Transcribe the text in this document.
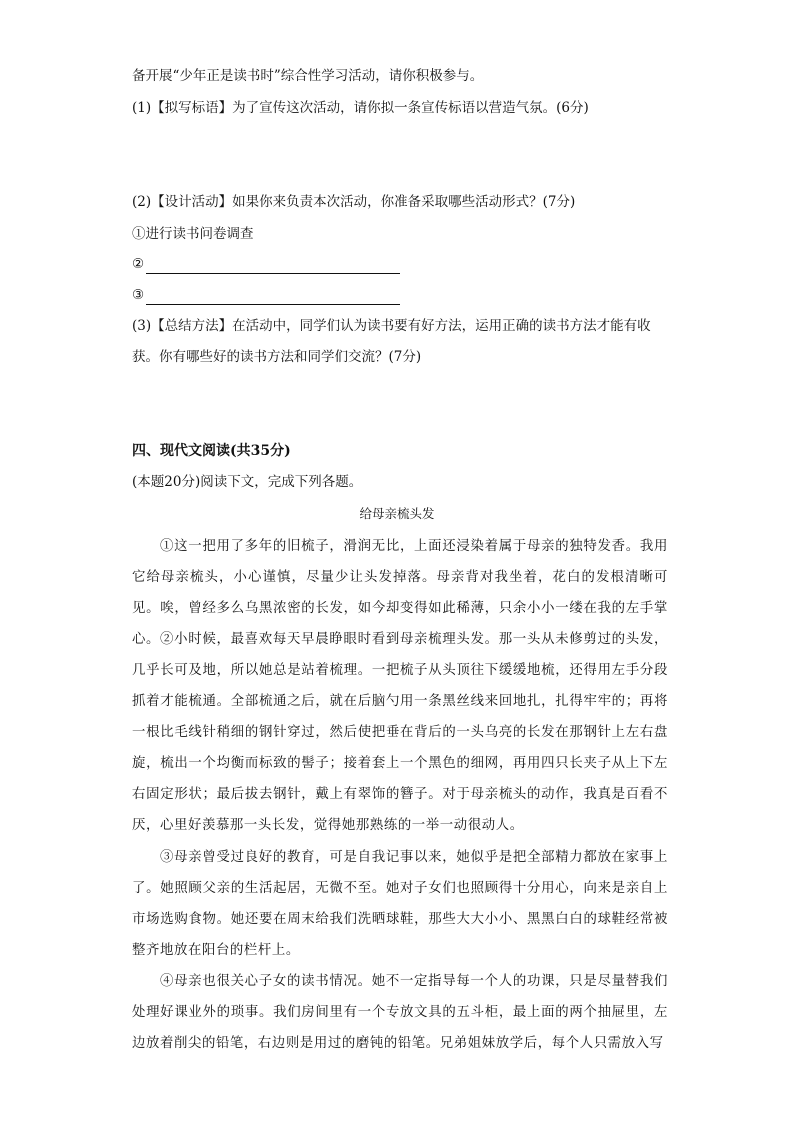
备开展“少年正是读书时”综合性学习活动，请你积极参与。
(1)【拟写标语】为了宣传这次活动，请你拟一条宣传标语以营造气氛。(6分)
(2)【设计活动】如果你来负责本次活动，你准备采取哪些活动形式？(7分)
①进行读书问卷调查
②
③
(3)【总结方法】在活动中，同学们认为读书要有好方法，运用正确的读书方法才能有收
获。你有哪些好的读书方法和同学们交流？(7分)
四、现代文阅读(共35分)
(本题20分)阅读下文，完成下列各题。
给母亲梳头发
①这一把用了多年的旧梳子，滑润无比，上面还浸染着属于母亲的独特发香。我用它给母亲梳头，小心谨慎，尽量少让头发掉落。母亲背对我坐着，花白的发根清晰可见。唉，曾经多么乌黑浓密的长发，如今却变得如此稀薄，只余小小一缕在我的左手掌心。 ②小时候，最喜欢每天早晨睁眼时看到母亲梳理头发。那一头从未修剪过的头发，几乎长可及地，所以她总是站着梳理。一把梳子从头顶往下缓缓地梳，还得用左手分段抓着才能梳通。全部梳通之后，就在后脑勺用一条黑丝线来回地扎，扎得牢牢的；再将一根比毛线针稍细的钢针穿过，然后使把垂在背后的一头乌亮的长发在那钢针上左右盘旋，梳出一个均衡而标致的髻子；接着套上一个黑色的细网，再用四只长夹子从上下左右固定形状；最后拔去钢针，戴上有翠饰的簪子。对于母亲梳头的动作，我真是百看不厌，心里好羡慕那一头长发，觉得她那熟练的一举一动很动人。
③母亲曾受过良好的教育，可是自我记事以来，她似乎是把全部精力都放在家事上了。她照顾父亲的生活起居，无微不至。她对子女们也照顾得十分用心，向来是亲自上市场选购食物。她还要在周末给我们洗晒球鞋，那些大大小小、黑黑白白的球鞋经常被整齐地放在阳台的栏杆上。
④母亲也很关心子女的读书情况。她不一定指导每一个人的功课，只是尽量替我们处理好课业外的琐事。我们房间里有一个专放文具的五斗柜，最上面的两个抽屉里，左边放着削尖的铅笔，右边则是用过的磨钝的铅笔。兄弟姐妹放学后，每个人只需放入写
